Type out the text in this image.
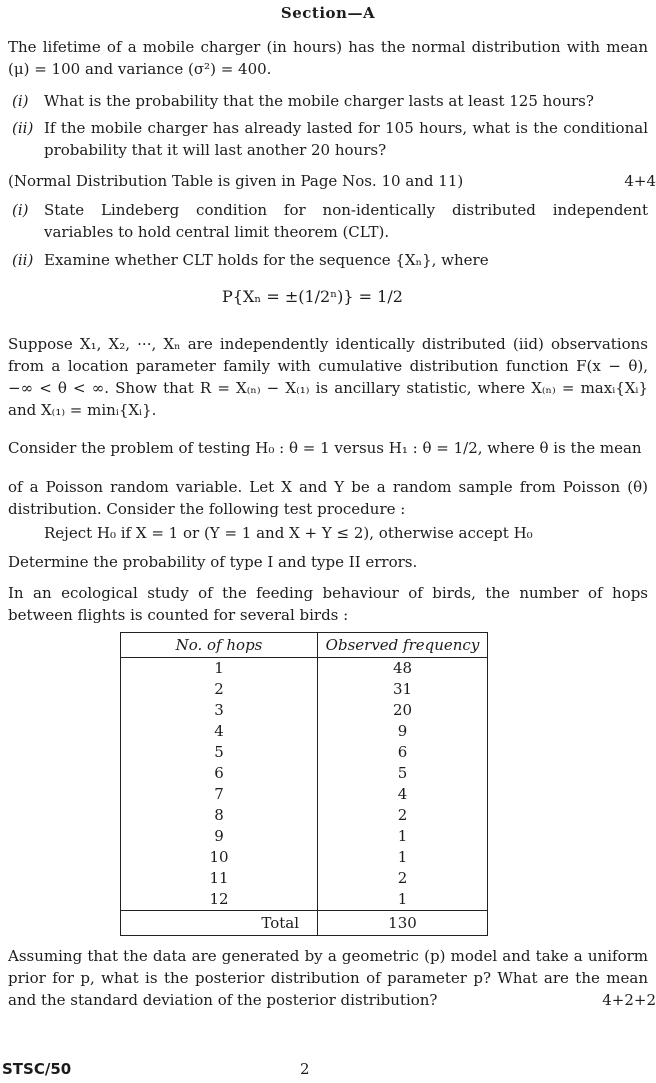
Section—A
The lifetime of a mobile charger (in hours) has the normal distribution with mean (μ) = 100 and variance (σ²) = 400.
(i) What is the probability that the mobile charger lasts at least 125 hours?
(ii) If the mobile charger has already lasted for 105 hours, what is the conditional probability that it will last another 20 hours?
(Normal Distribution Table is given in Page Nos. 10 and 11)	4+4
(i) State Lindeberg condition for non-identically distributed independent variables to hold central limit theorem (CLT).
(ii) Examine whether CLT holds for the sequence {Xₙ}, where
P{Xₙ = ±(1/2ⁿ)} = 1/2
Suppose X₁, X₂, ···, Xₙ are independently identically distributed (iid) observations from a location parameter family with cumulative distribution function F(x − θ), −∞ < θ < ∞. Show that R = X₍ₙ₎ − X₍₁₎ is ancillary statistic, where X₍ₙ₎ = maxᵢ{Xᵢ} and X₍₁₎ = minᵢ{Xᵢ}.
Consider the problem of testing H₀ : θ = 1 versus H₁ : θ = 1/2, where θ is the mean
of a Poisson random variable. Let X and Y be a random sample from Poisson (θ) distribution. Consider the following test procedure :
Reject H₀ if X = 1 or (Y = 1 and X + Y ≤ 2), otherwise accept H₀
Determine the probability of type I and type II errors.
In an ecological study of the feeding behaviour of birds, the number of hops between flights is counted for several birds :
No. of hops	Observed frequency
1	48
2	31
3	20
4	9
5	6
6	5
7	4
8	2
9	1
10	1
11	2
12	1
Total	130
Assuming that the data are generated by a geometric (p) model and take a uniform prior for p, what is the posterior distribution of parameter p? What are the mean and the standard deviation of the posterior distribution?	4+2+2
STSC/50	2
